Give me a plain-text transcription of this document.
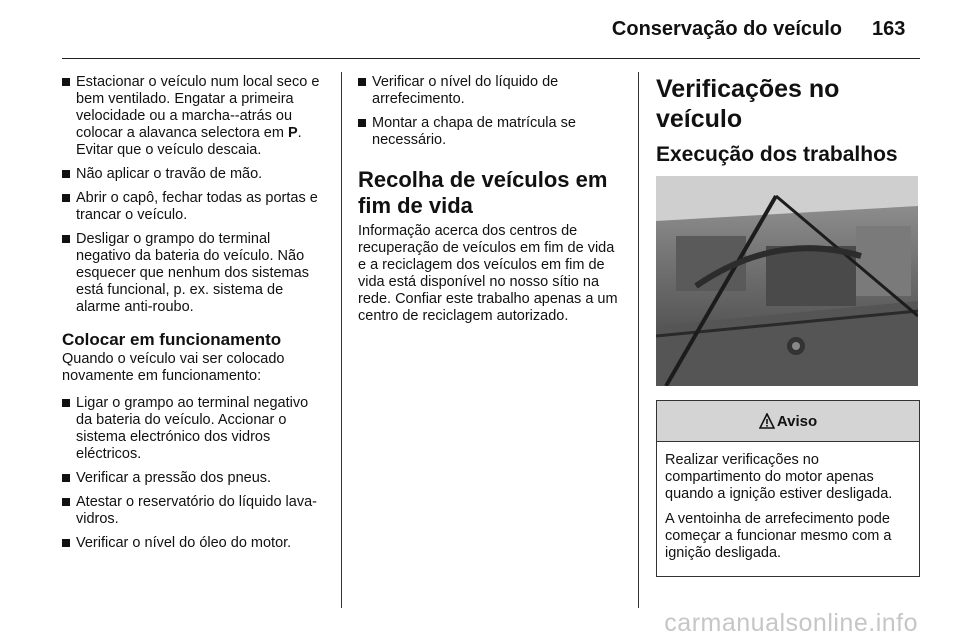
Conservação do veículo 163
Estacionar o veículo num local seco e bem ventilado. Engatar a primeira velocidade ou a marcha--atrás ou colocar a alavanca selectora em P. Evitar que o veículo descaia.
Não aplicar o travão de mão.
Abrir o capô, fechar todas as portas e trancar o veículo.
Desligar o grampo do terminal negativo da bateria do veículo. Não esquecer que nenhum dos sistemas está funcional, p. ex. sistema de alarme anti-roubo.
Colocar em funcionamento
Quando o veículo vai ser colocado novamente em funcionamento:
Ligar o grampo ao terminal negativo da bateria do veículo. Accionar o sistema electrónico dos vidros eléctricos.
Verificar a pressão dos pneus.
Atestar o reservatório do líquido lava-vidros.
Verificar o nível do óleo do motor.
Verificar o nível do líquido de arrefecimento.
Montar a chapa de matrícula se necessário.
Recolha de veículos em fim de vida
Informação acerca dos centros de recuperação de veículos em fim de vida e a reciclagem dos veículos em fim de vida está disponível no nosso sítio na rede. Confiar este trabalho apenas a um centro de reciclagem autorizado.
Verificações no veículo
Execução dos trabalhos
Aviso

Realizar verificações no compartimento do motor apenas quando a ignição estiver desligada.

A ventoinha de arrefecimento pode começar a funcionar mesmo com a ignição desligada.

carmanualsonline.info
